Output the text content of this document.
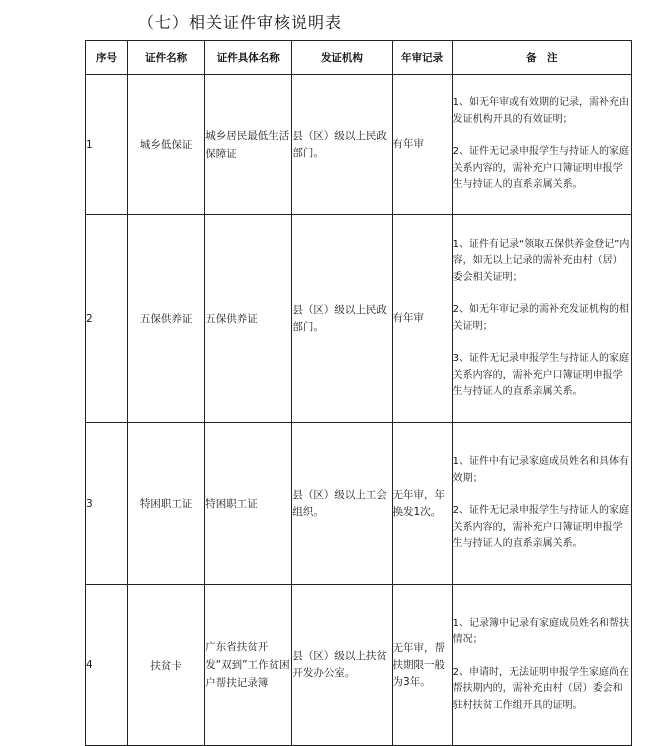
（七）相关证件审核说明表
序号	证件名称	证件具体名称	发证机构	年审记录	备　注
1	城乡低保证	城乡居民最低生活保障证	县（区）级以上民政部门。	有年审	1、如无年审或有效期的记录，需补充由发证机构开具的有效证明；

2、证件无记录申报学生与持证人的家庭关系内容的，需补充户口簿证明申报学生与持证人的直系亲属关系。

2	五保供养证	五保供养证	县（区）级以上民政部门。	有年审	1、证件有记录“领取五保供养金登记”内容，如无以上记录的需补充由村（居）委会相关证明；

2、如无年审记录的需补充发证机构的相关证明；

3、证件无记录申报学生与持证人的家庭关系内容的，需补充户口簿证明申报学生与持证人的直系亲属关系。

3	特困职工证	特困职工证	县（区）级以上工会组织。	无年审，年换发1次。	1、证件中有记录家庭成员姓名和具体有效期；

2、证件无记录申报学生与持证人的家庭关系内容的，需补充户口簿证明申报学生与持证人的直系亲属关系。

4	扶贫卡	广东省扶贫开发“双到”工作贫困户帮扶记录簿	县（区）级以上扶贫开发办公室。	无年审，帮扶期限一般为3年。	1、记录簿中记录有家庭成员姓名和帮扶情况；

2、申请时，无法证明申报学生家庭尚在帮扶期内的，需补充由村（居）委会和驻村扶贫工作组开具的证明。
